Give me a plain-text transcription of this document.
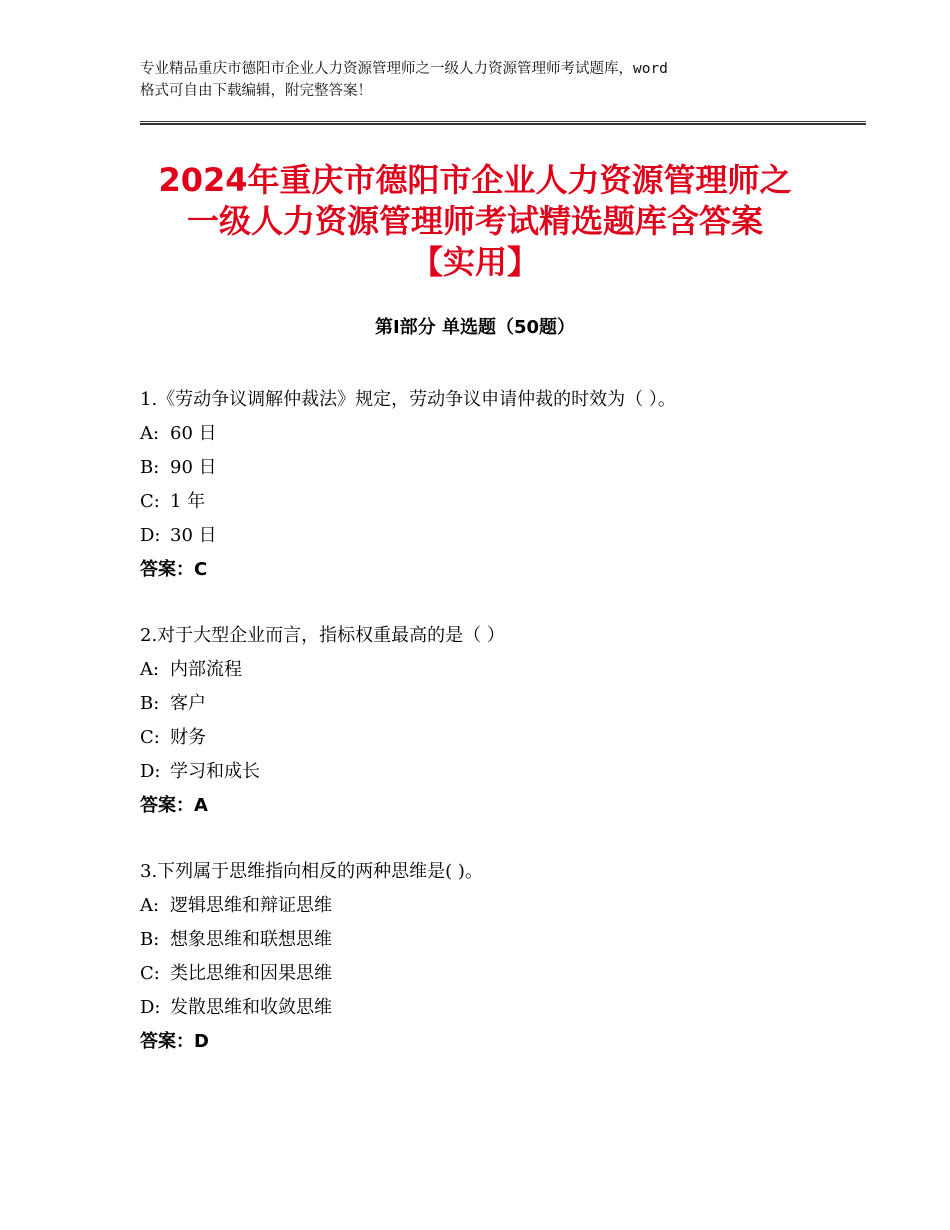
专业精品重庆市德阳市企业人力资源管理师之一级人力资源管理师考试题库，word
格式可自由下载编辑，附完整答案！
2024年重庆市德阳市企业人力资源管理师之
一级人力资源管理师考试精选题库含答案
【实用】
第I部分 单选题（50题）
1.《劳动争议调解仲裁法》规定，劳动争议申请仲裁的时效为（ ）。
A: 60 日
B: 90 日
C: 1 年
D: 30 日
答案：C
2.对于大型企业而言，指标权重最高的是（ ）
A: 内部流程
B: 客户
C: 财务
D: 学习和成长
答案：A
3.下列属于思维指向相反的两种思维是( )。
A: 逻辑思维和辩证思维
B: 想象思维和联想思维
C: 类比思维和因果思维
D: 发散思维和收敛思维
答案：D
